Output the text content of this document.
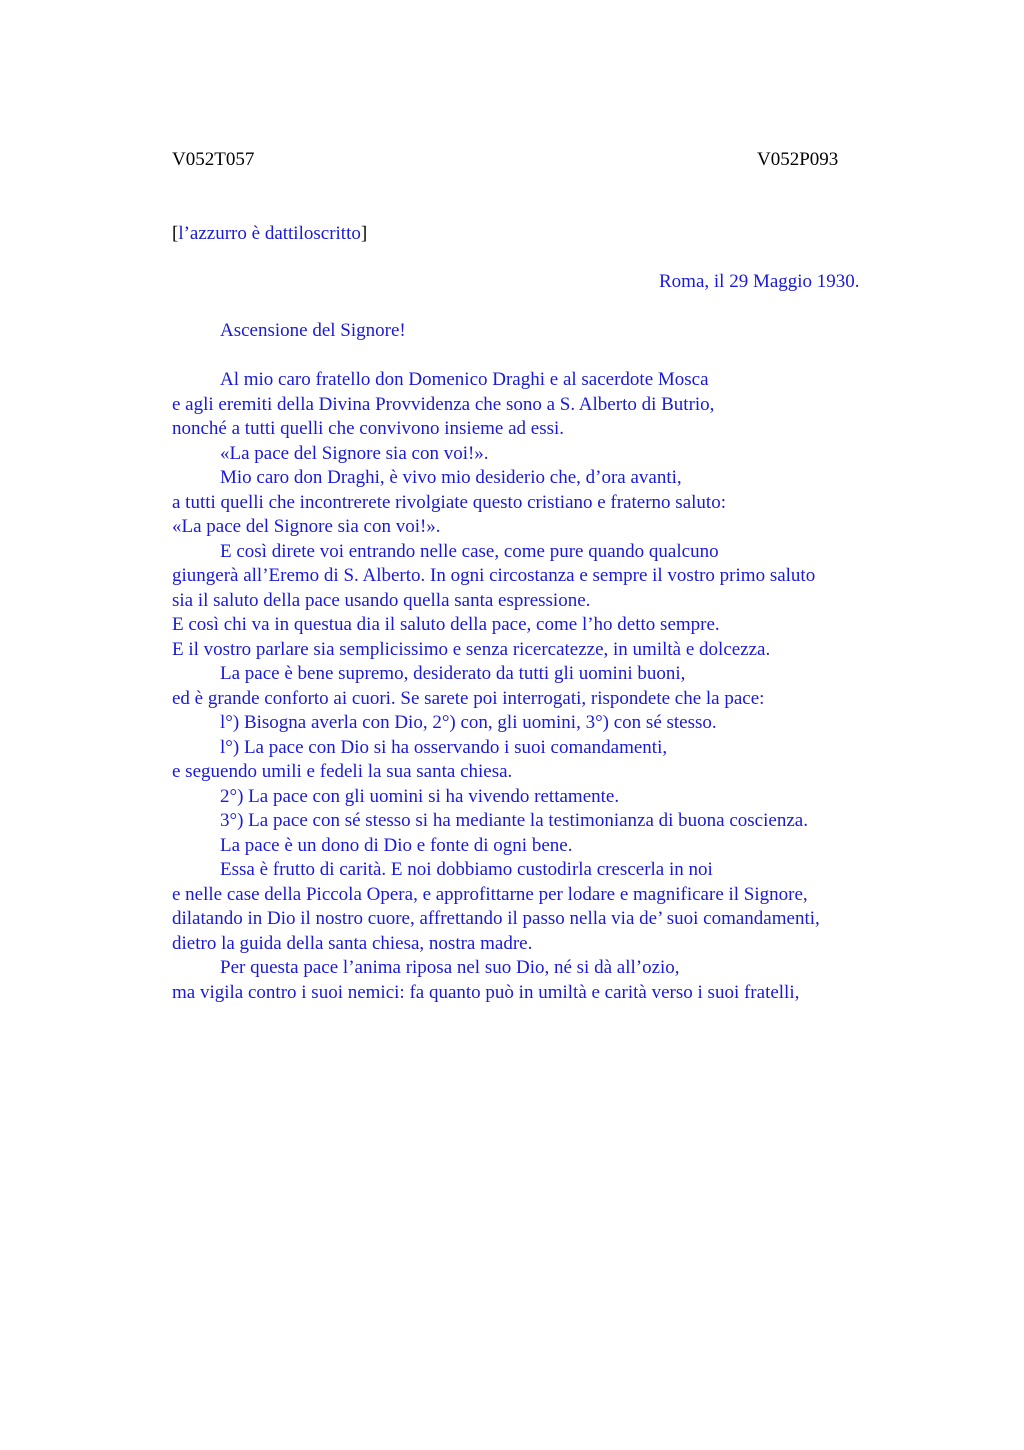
V052T057	V052P093
[l’azzurro è dattiloscritto]
Roma, il 29 Maggio 1930.
Ascensione del Signore!
Al mio caro fratello don Domenico Draghi e al sacerdote Mosca
e agli eremiti della Divina Provvidenza che sono a S. Alberto di Butrio,
nonché a tutti quelli che convivono insieme ad essi.
«La pace del Signore sia con voi!».
Mio caro don Draghi, è vivo mio desiderio che, d’ora avanti,
a tutti quelli che incontrerete rivolgiate questo cristiano e fraterno saluto:
«La pace del Signore sia con voi!».
E così direte voi entrando nelle case, come pure quando qualcuno
giungerà all’Eremo di S. Alberto. In ogni circostanza e sempre il vostro primo saluto
sia il saluto della pace usando quella santa espressione.
E così chi va in questua dia il saluto della pace, come l’ho detto sempre.
E il vostro parlare sia semplicissimo e senza ricercatezze, in umiltà e dolcezza.
La pace è bene supremo, desiderato da tutti gli uomini buoni,
ed è grande conforto ai cuori. Se sarete poi interrogati, rispondete che la pace:
l°) Bisogna averla con Dio, 2°) con, gli uomini, 3°) con sé stesso.
l°) La pace con Dio si ha osservando i suoi comandamenti,
e seguendo umili e fedeli la sua santa chiesa.
2°) La pace con gli uomini si ha vivendo rettamente.
3°) La pace con sé stesso si ha mediante la testimonianza di buona coscienza.
La pace è un dono di Dio e fonte di ogni bene.
Essa è frutto di carità. E noi dobbiamo custodirla crescerla in noi
e nelle case della Piccola Opera, e approfittarne per lodare e magnificare il Signore,
dilatando in Dio il nostro cuore, affrettando il passo nella via de’ suoi comandamenti,
dietro la guida della santa chiesa, nostra madre.
Per questa pace l’anima riposa nel suo Dio, né si dà all’ozio,
ma vigila contro i suoi nemici: fa quanto può in umiltà e carità verso i suoi fratelli,
